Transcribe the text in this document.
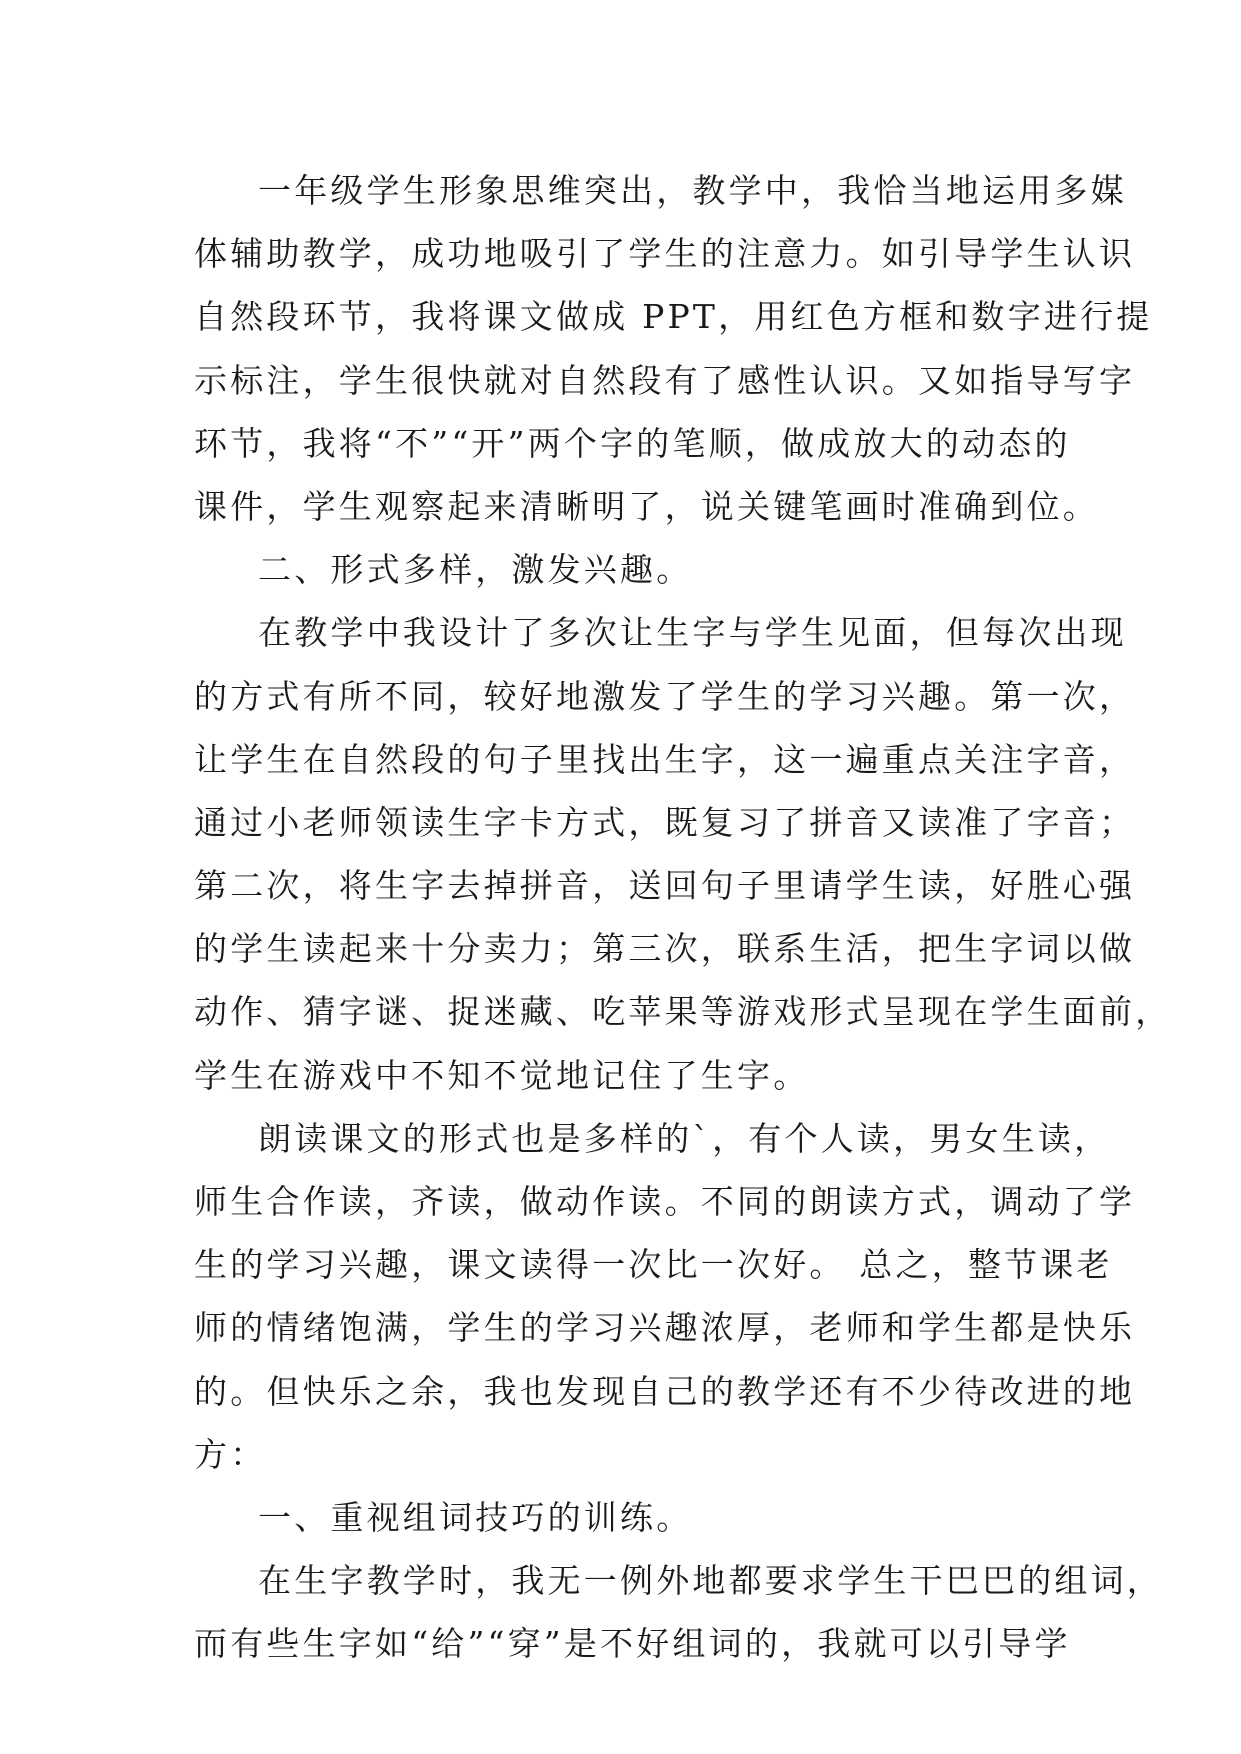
一年级学生形象思维突出，教学中，我恰当地运用多媒
体辅助教学，成功地吸引了学生的注意力。如引导学生认识
自然段环节，我将课文做成 PPT，用红色方框和数字进行提
示标注，学生很快就对自然段有了感性认识。又如指导写字
环节，我将“不”“开”两个字的笔顺，做成放大的动态的
课件，学生观察起来清晰明了，说关键笔画时准确到位。
二、形式多样，激发兴趣。
在教学中我设计了多次让生字与学生见面，但每次出现
的方式有所不同，较好地激发了学生的学习兴趣。第一次，
让学生在自然段的句子里找出生字，这一遍重点关注字音，
通过小老师领读生字卡方式，既复习了拼音又读准了字音；
第二次，将生字去掉拼音，送回句子里请学生读，好胜心强
的学生读起来十分卖力；第三次，联系生活，把生字词以做
动作、猜字谜、捉迷藏、吃苹果等游戏形式呈现在学生面前，
学生在游戏中不知不觉地记住了生字。
朗读课文的形式也是多样的`，有个人读，男女生读，
师生合作读，齐读，做动作读。不同的朗读方式，调动了学
生的学习兴趣，课文读得一次比一次好。 总之，整节课老
师的情绪饱满，学生的学习兴趣浓厚，老师和学生都是快乐
的。但快乐之余，我也发现自己的教学还有不少待改进的地
方：
一、重视组词技巧的训练。
在生字教学时，我无一例外地都要求学生干巴巴的组词，
而有些生字如“给”“穿”是不好组词的，我就可以引导学
